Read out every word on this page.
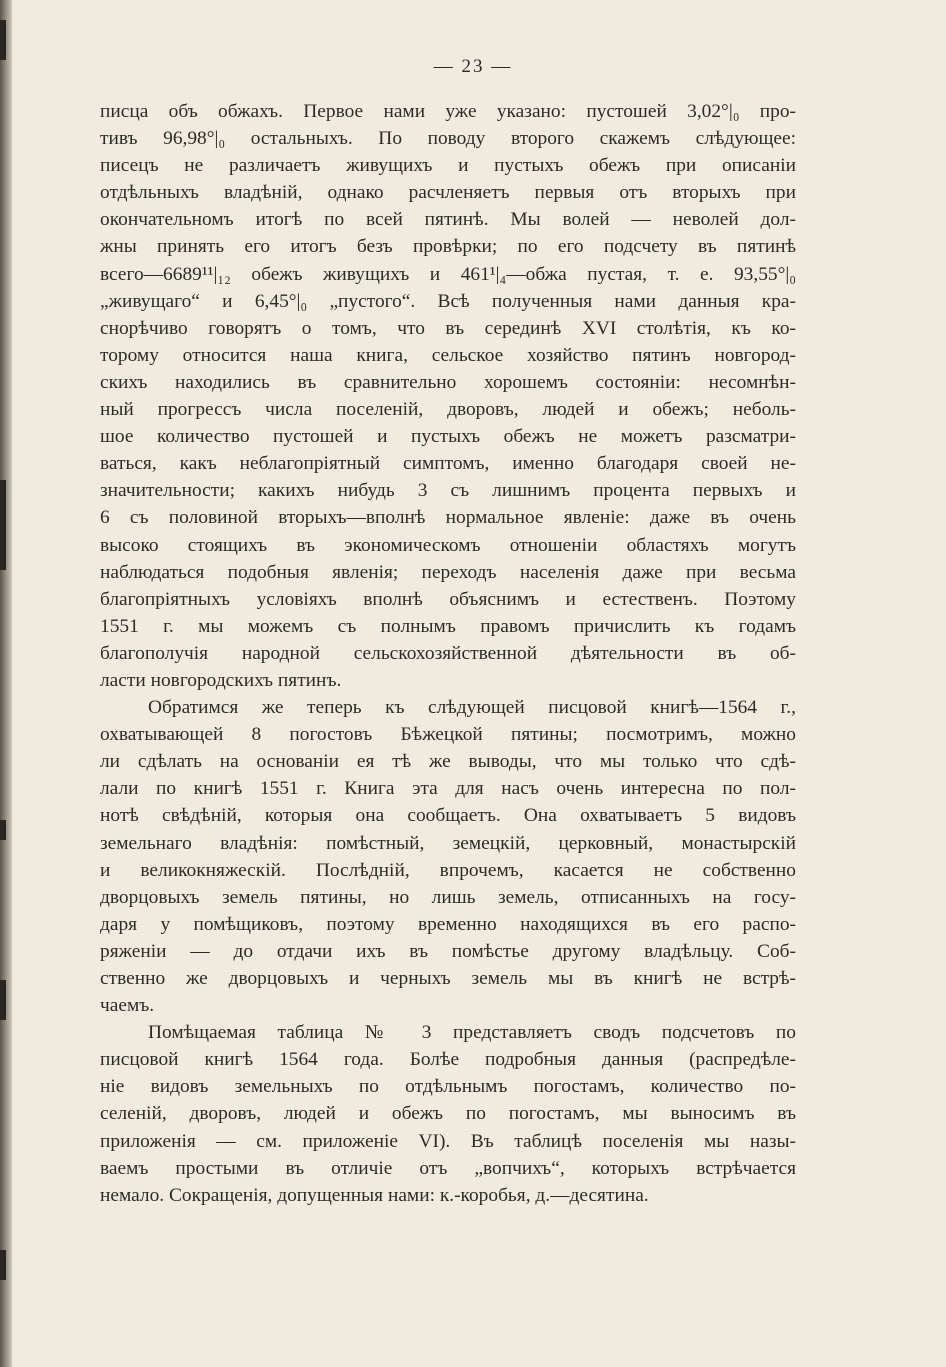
— 23 —

писца объ обжахъ. Первое нами уже указано: пустошей 3,02°|₀ про-

тивъ 96,98°|₀ остальныхъ. По поводу второго скажемъ слѣдующее:

писецъ не различаетъ живущихъ и пустыхъ обежъ при описанiи

отдѣльныхъ владѣнiй, однако расчленяетъ первыя отъ вторыхъ при

окончательномъ итогѣ по всей пятинѣ. Мы волей — неволей дол-

жны принять его итогъ безъ провѣрки; по его подсчету въ пятинѣ

всего—6689¹¹|₁₂ обежъ живущихъ и 461¹|₄—обжа пустая, т. е. 93,55°|₀

„живущаго“ и 6,45°|₀ „пустого“. Всѣ полученныя нами данныя кра-

снорѣчиво говорятъ о томъ, что въ серединѣ XVI столѣтiя, къ ко-

торому относится наша книга, сельское хозяйство пятинъ новгород-

скихъ находились въ сравнительно хорошемъ состоянiи: несомнѣн-

ный прогрессъ числа поселенiй, дворовъ, людей и обежъ; неболь-

шое количество пустошей и пустыхъ обежъ не можетъ разсматри-

ваться, какъ неблагопрiятный симптомъ, именно благодаря своей не-

значительности; какихъ нибудь 3 съ лишнимъ процента первыхъ и

6 съ половиной вторыхъ—вполнѣ нормальное явленiе: даже въ очень

высоко стоящихъ въ экономическомъ отношенiи областяхъ могутъ

наблюдаться подобныя явленiя; переходъ населенiя даже при весьма

благопрiятныхъ условiяхъ вполнѣ объяснимъ и естественъ. Поэтому

1551 г. мы можемъ съ полнымъ правомъ причислить къ годамъ

благополучiя народной сельскохозяйственной дѣятельности въ об-

ласти новгородскихъ пятинъ.

Обратимся же теперь къ слѣдующей писцовой книгѣ—1564 г.,

охватывающей 8 погостовъ Бѣжецкой пятины; посмотримъ, можно

ли сдѣлать на основанiи ея тѣ же выводы, что мы только что сдѣ-

лали по книгѣ 1551 г. Книга эта для насъ очень интересна по пол-

нотѣ свѣдѣнiй, которыя она сообщаетъ. Она охватываетъ 5 видовъ

земельнаго владѣнiя: помѣстный, земецкiй, церковный, монастырскiй

и великокняжескiй. Послѣднiй, впрочемъ, касается не собственно

дворцовыхъ земель пятины, но лишь земель, отписанныхъ на госу-

даря у помѣщиковъ, поэтому временно находящихся въ его распо-

ряженiи — до отдачи ихъ въ помѣстье другому владѣльцу. Соб-

ственно же дворцовыхъ и черныхъ земель мы въ книгѣ не встрѣ-

чаемъ.

Помѣщаемая таблица № 3 представляетъ сводъ подсчетовъ по

писцовой книгѣ 1564 года. Болѣе подробныя данныя (распредѣле-

нiе видовъ земельныхъ по отдѣльнымъ погостамъ, количество по-

селенiй, дворовъ, людей и обежъ по погостамъ, мы выносимъ въ

приложенiя — см. приложенiе VI). Въ таблицѣ поселенiя мы назы-

ваемъ простыми въ отличiе отъ „вопчихъ“, которыхъ встрѣчается

немало. Сокращенiя, допущенныя нами: к.-коробья, д.—десятина.
